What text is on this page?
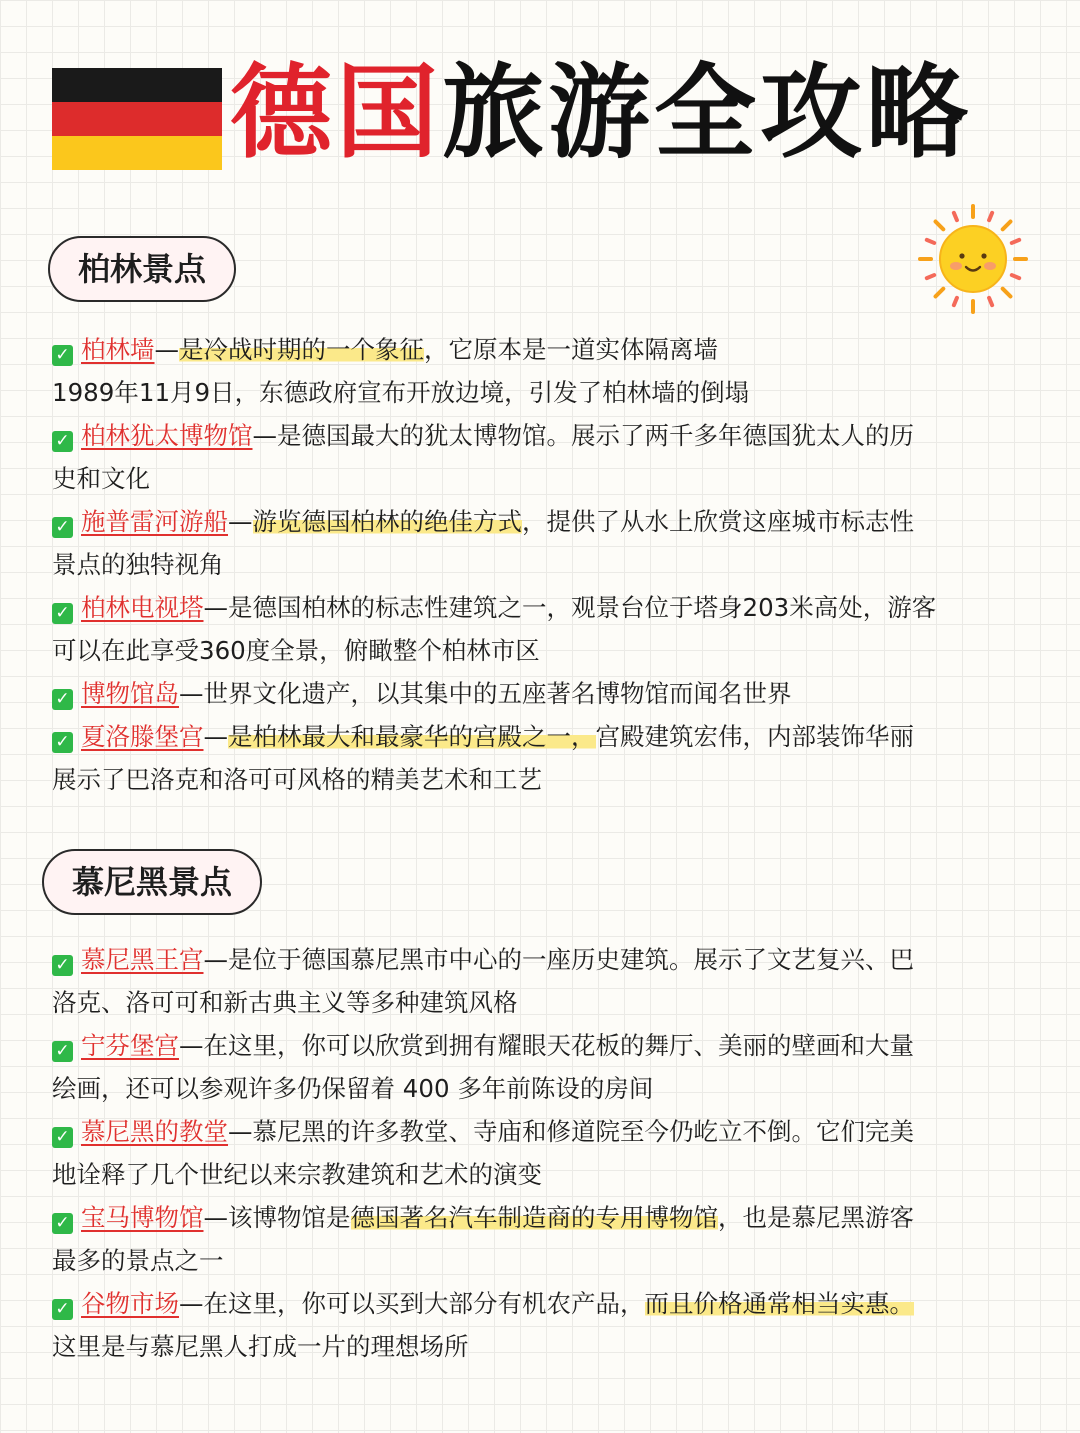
德国旅游全攻略
柏林景点
✓ 柏林墙—是冷战时期的一个象征，它原本是一道实体隔离墙
1989年11月9日，东德政府宣布开放边境，引发了柏林墙的倒塌
✓ 柏林犹太博物馆—是德国最大的犹太博物馆。展示了两千多年德国犹太人的历
史和文化
✓ 施普雷河游船—游览德国柏林的绝佳方式，提供了从水上欣赏这座城市标志性
景点的独特视角
✓ 柏林电视塔—是德国柏林的标志性建筑之一，观景台位于塔身203米高处，游客
可以在此享受360度全景，俯瞰整个柏林市区
✓ 博物馆岛—世界文化遗产，以其集中的五座著名博物馆而闻名世界
✓ 夏洛滕堡宫—是柏林最大和最豪华的宫殿之一，宫殿建筑宏伟，内部装饰华丽
展示了巴洛克和洛可可风格的精美艺术和工艺
慕尼黑景点
✓ 慕尼黑王宫—是位于德国慕尼黑市中心的一座历史建筑。展示了文艺复兴、巴
洛克、洛可可和新古典主义等多种建筑风格
✓ 宁芬堡宫—在这里，你可以欣赏到拥有耀眼天花板的舞厅、美丽的壁画和大量
绘画，还可以参观许多仍保留着 400 多年前陈设的房间
✓ 慕尼黑的教堂—慕尼黑的许多教堂、寺庙和修道院至今仍屹立不倒。它们完美
地诠释了几个世纪以来宗教建筑和艺术的演变
✓ 宝马博物馆—该博物馆是德国著名汽车制造商的专用博物馆，也是慕尼黑游客
最多的景点之一
✓ 谷物市场—在这里，你可以买到大部分有机农产品，而且价格通常相当实惠。
这里是与慕尼黑人打成一片的理想场所
